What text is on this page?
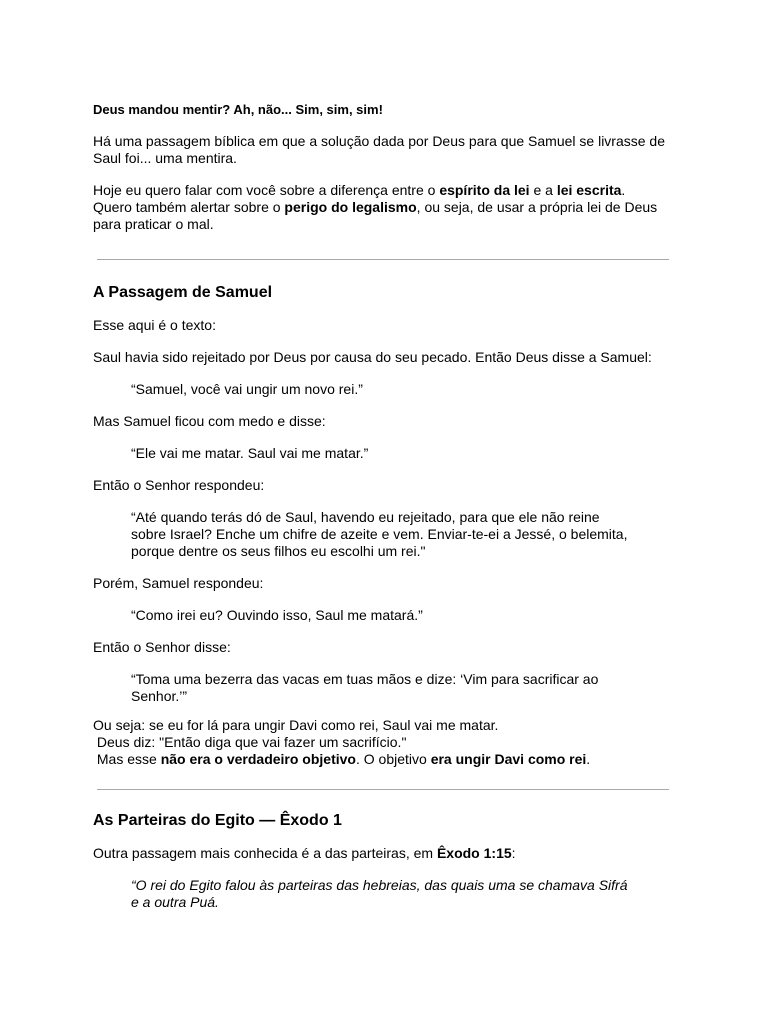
Deus mandou mentir? Ah, não... Sim, sim, sim!

Há uma passagem bíblica em que a solução dada por Deus para que Samuel se livrasse de Saul foi... uma mentira.

Hoje eu quero falar com você sobre a diferença entre o espírito da lei e a lei escrita.
Quero também alertar sobre o perigo do legalismo, ou seja, de usar a própria lei de Deus para praticar o mal.

A Passagem de Samuel

Esse aqui é o texto:

Saul havia sido rejeitado por Deus por causa do seu pecado. Então Deus disse a Samuel:

“Samuel, você vai ungir um novo rei.”

Mas Samuel ficou com medo e disse:

“Ele vai me matar. Saul vai me matar.”

Então o Senhor respondeu:

“Até quando terás dó de Saul, havendo eu rejeitado, para que ele não reine
sobre Israel? Enche um chifre de azeite e vem. Enviar-te-ei a Jessé, o belemita,
porque dentre os seus filhos eu escolhi um rei."

Porém, Samuel respondeu:

“Como irei eu? Ouvindo isso, Saul me matará.”

Então o Senhor disse:

“Toma uma bezerra das vacas em tuas mãos e dize: ‘Vim para sacrificar ao
Senhor.’”

Ou seja: se eu for lá para ungir Davi como rei, Saul vai me matar.
Deus diz: "Então diga que vai fazer um sacrifício."
Mas esse não era o verdadeiro objetivo. O objetivo era ungir Davi como rei.

As Parteiras do Egito — Êxodo 1

Outra passagem mais conhecida é a das parteiras, em Êxodo 1:15:

“O rei do Egito falou às parteiras das hebreias, das quais uma se chamava Sifrá
e a outra Puá.
